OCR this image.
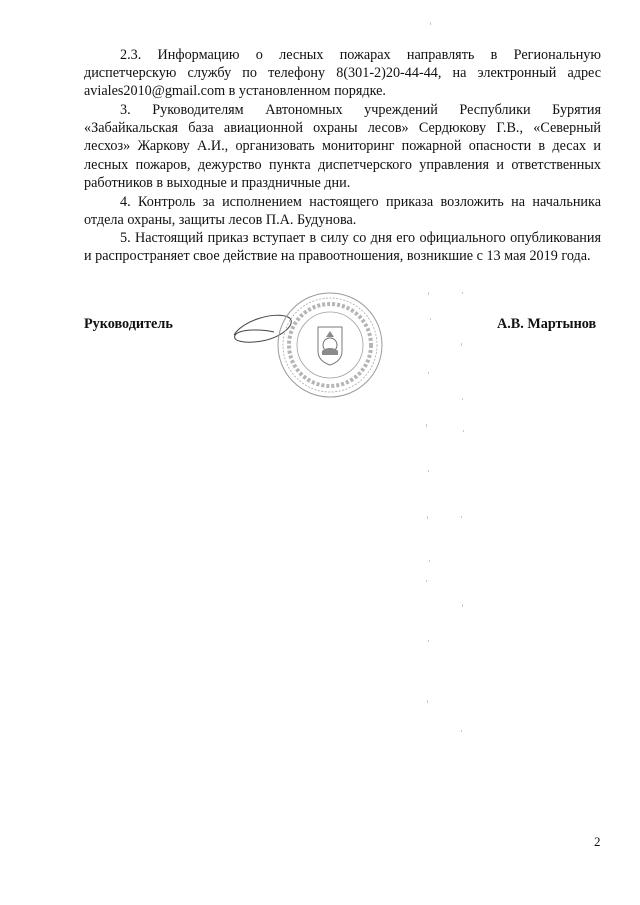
2.3. Информацию о лесных пожарах направлять в Региональную диспетчерскую службу по телефону 8(301-2)20-44-44, на электронный адрес aviales2010@gmail.com в установленном порядке.

3. Руководителям Автономных учреждений Республики Бурятия «Забайкальская база авиационной охраны лесов» Сердюкову Г.В., «Северный лесхоз» Жаркову А.И., организовать мониторинг пожарной опасности в десах и лесных пожаров, дежурство пункта диспетчерского управления и ответственных работников в выходные и праздничные дни.

4. Контроль за исполнением настоящего приказа возложить на начальника отдела охраны, защиты лесов П.А. Будунова.

5. Настоящий приказ вступает в силу со дня его официального опубликования и распространяет свое действие на правоотношения, возникшие с 13 мая 2019 года.

Руководитель	А.В. Мартынов
2
